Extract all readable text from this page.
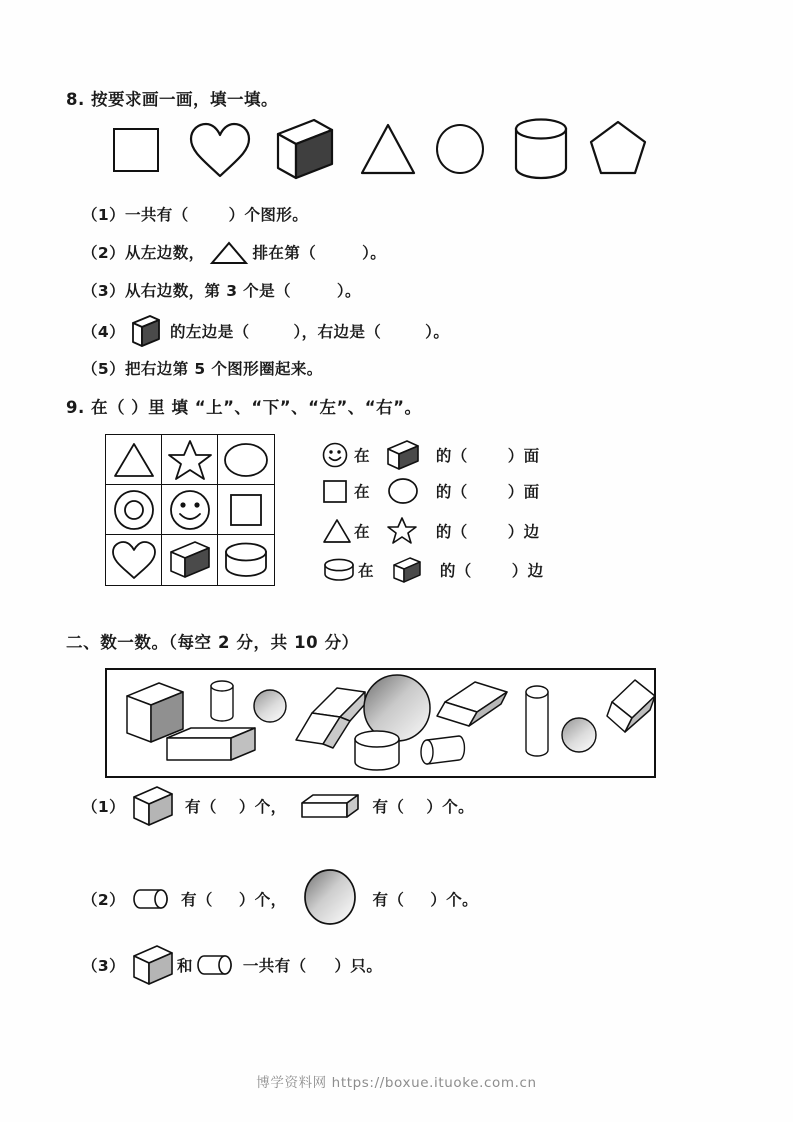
8. 按要求画一画，填一填。
（1） 一共有（	）个图形。
（2） 从左边数，	排在第（	）。
（3） 从右边数，第 3 个是（	）。
（4）	的左边是（	），右边是（	）。
（5） 把右边第 5 个图形圈起来。
9. 在（ ）里 填 “上”、“下”、“左”、“右”。
在	的（	）面
在	的（	）面
在	的（	）边
在	的（	）边
二、数一数。（每空 2 分，共 10 分）
（1）	有（ ）个，	有（ ）个。
（2）	有（ ）个，	有（ ）个。
（3）	和	一共有（ ）只。
博学资料网 https://boxue.ituoke.com.cn
